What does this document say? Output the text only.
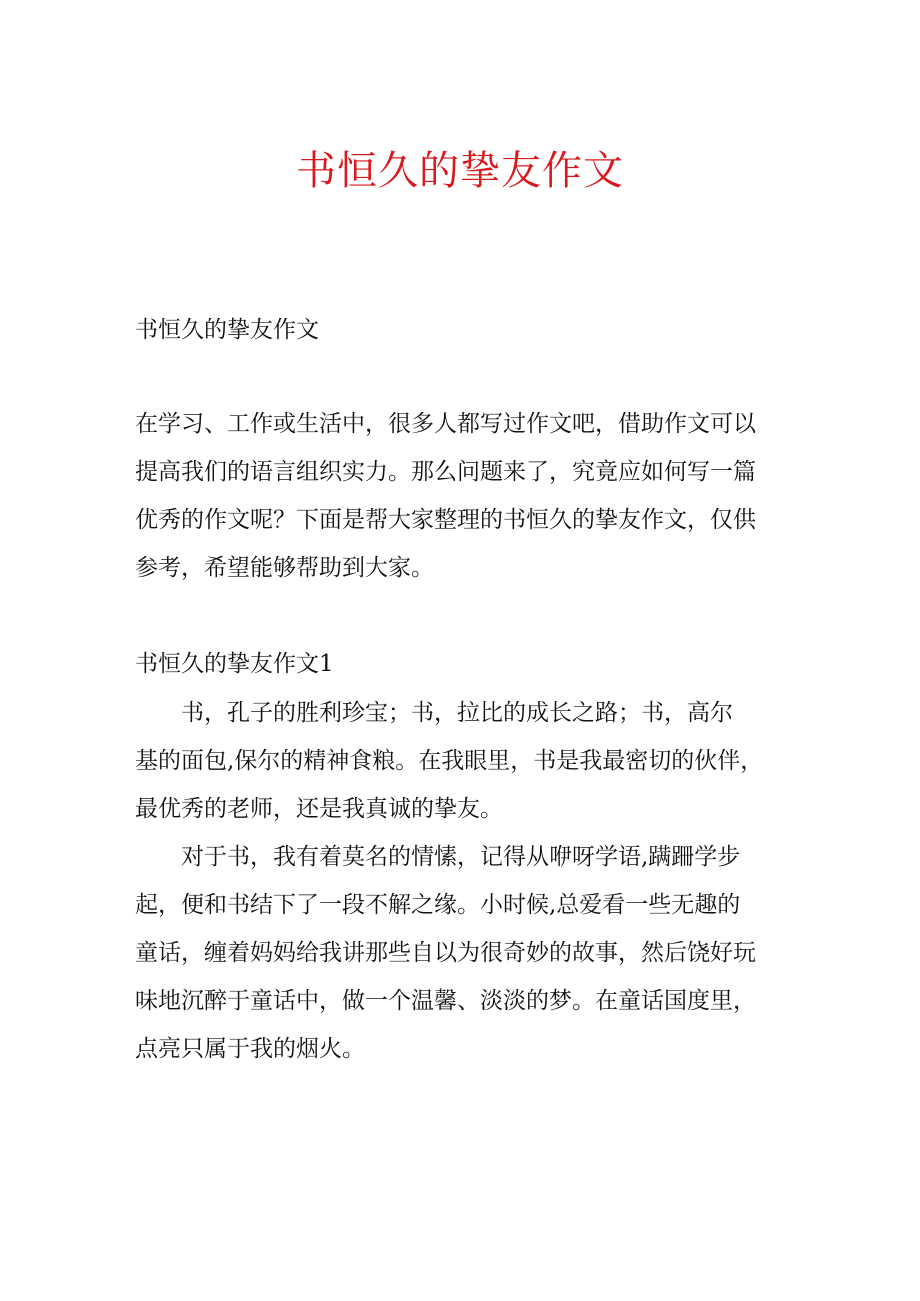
书恒久的挚友作文
书恒久的挚友作文
在学习、工作或生活中，很多人都写过作文吧，借助作文可以
提高我们的语言组织实力。那么问题来了，究竟应如何写一篇
优秀的作文呢？下面是帮大家整理的书恒久的挚友作文，仅供
参考，希望能够帮助到大家。
书恒久的挚友作文1
书，孔子的胜利珍宝；书，拉比的成长之路；书，高尔
基的面包,保尔的精神食粮。在我眼里，书是我最密切的伙伴，
最优秀的老师，还是我真诚的挚友。
对于书，我有着莫名的情愫，记得从咿呀学语,蹒跚学步
起，便和书结下了一段不解之缘。小时候,总爱看一些无趣的
童话，缠着妈妈给我讲那些自以为很奇妙的故事，然后饶好玩
味地沉醉于童话中，做一个温馨、淡淡的梦。在童话国度里，
点亮只属于我的烟火。
